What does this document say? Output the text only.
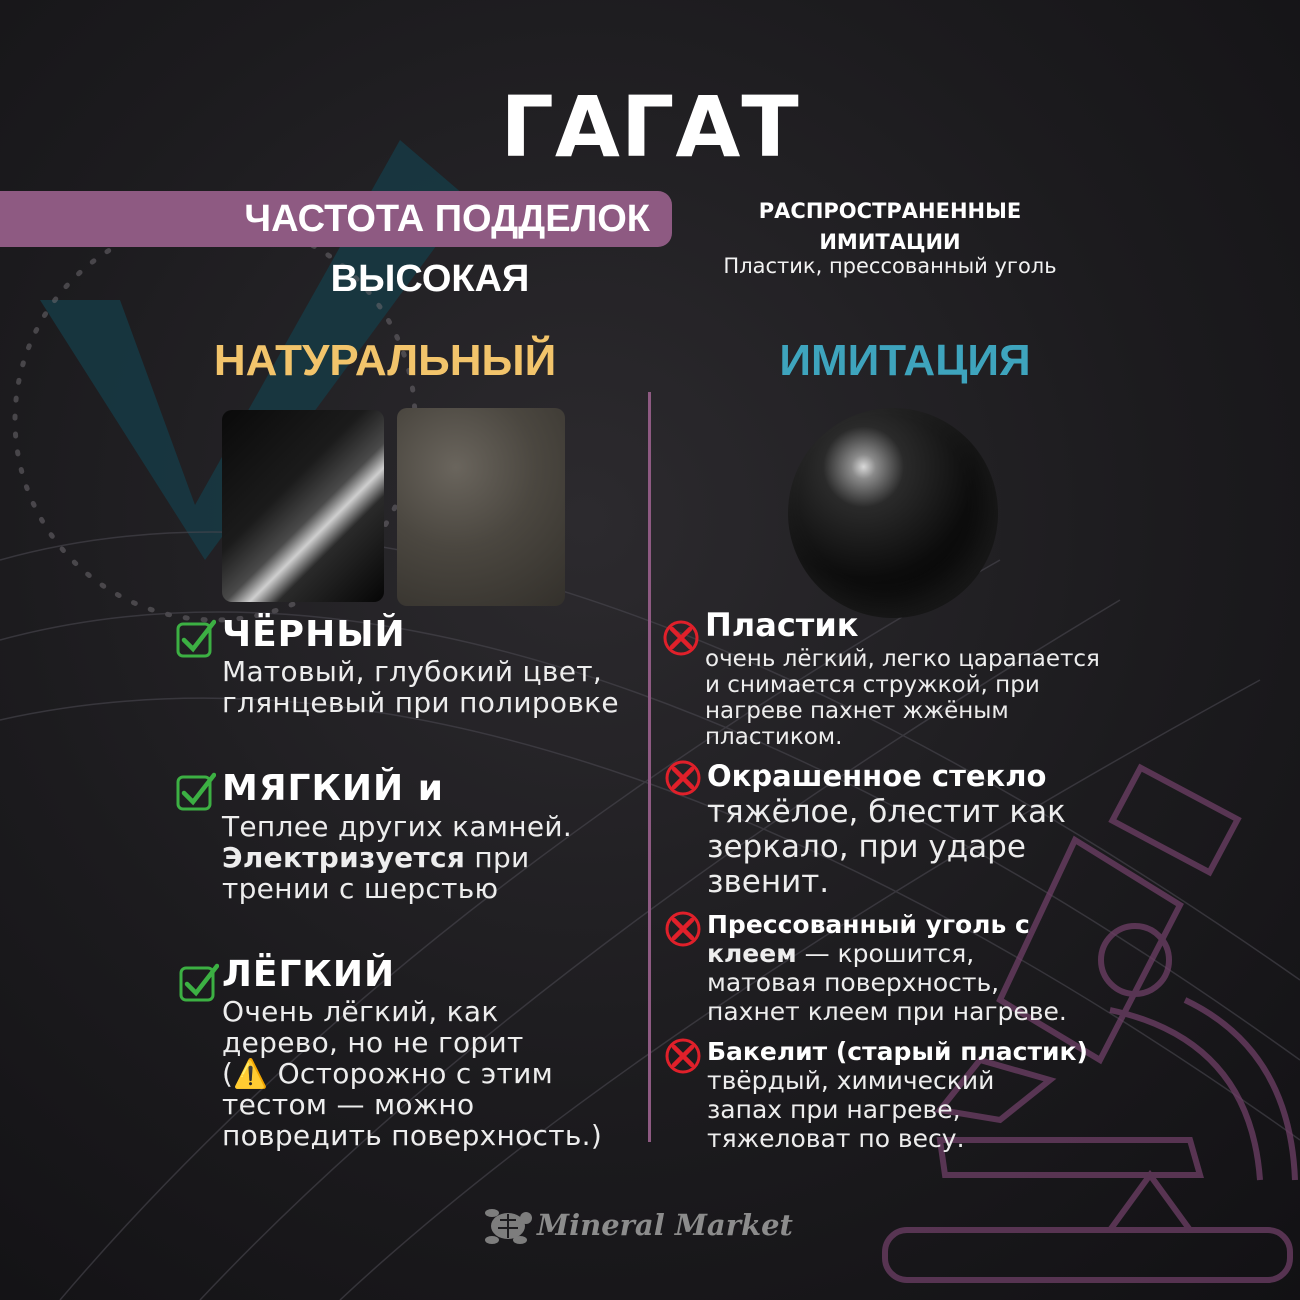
ГАГАТ
ЧАСТОТА ПОДДЕЛОК
ВЫСОКАЯ
РАСПРОСТРАНЕННЫЕ
ИМИТАЦИИ
Пластик, прессованный уголь
НАТУРАЛЬНЫЙ	ИМИТАЦИЯ
ЧЁРНЫЙ
Матовый, глубокий цвет,
глянцевый при полировке
МЯГКИЙ и
Теплее других камней.
Электризуется при
трении с шерстью
ЛЁГКИЙ
Очень лёгкий, как
дерево, но не горит
(⚠️ Осторожно с этим
тестом — можно
повредить поверхность.)
Пластик
очень лёгкий, легко царапается
и снимается стружкой, при
нагреве пахнет жжёным
пластиком.
Окрашенное стекло
тяжёлое, блестит как
зеркало, при ударе
звенит.
Прессованный уголь с
клеем — крошится,
матовая поверхность,
пахнет клеем при нагреве.
Бакелит (старый пластик)
твёрдый, химический
запах при нагреве,
тяжеловат по весу.
Mineral Market
